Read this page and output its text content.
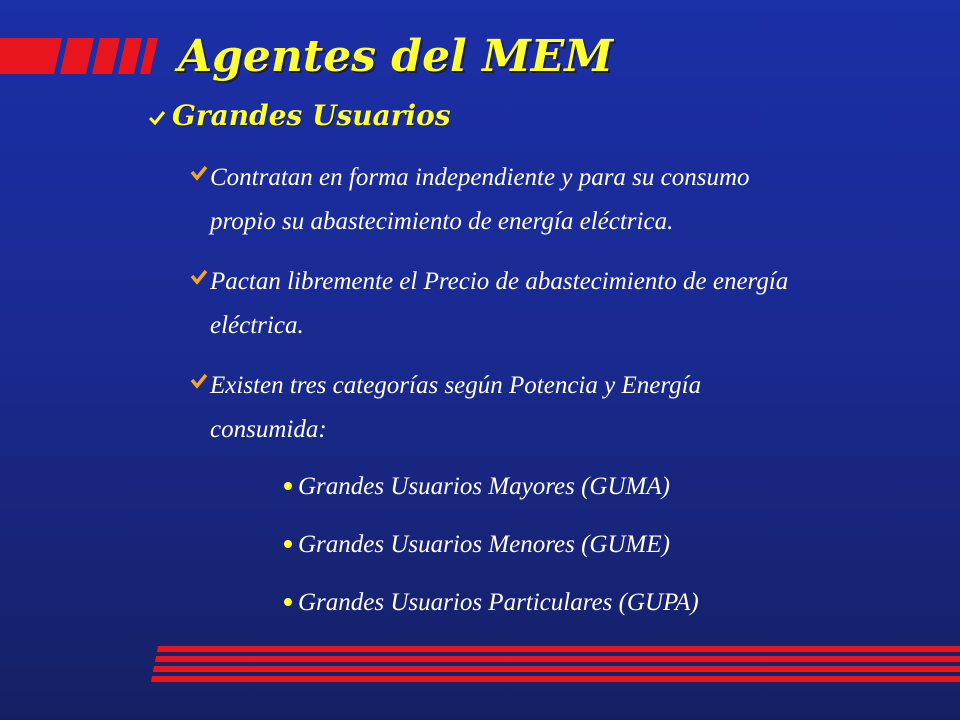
Agentes del MEM
Grandes Usuarios
Contratan en forma independiente y para su consumo
propio su abastecimiento de energía eléctrica.
Pactan libremente el Precio de abastecimiento de energía
eléctrica.
Existen tres categorías según Potencia y Energía
consumida:
Grandes Usuarios Mayores (GUMA)
Grandes Usuarios Menores (GUME)
Grandes Usuarios Particulares (GUPA)
